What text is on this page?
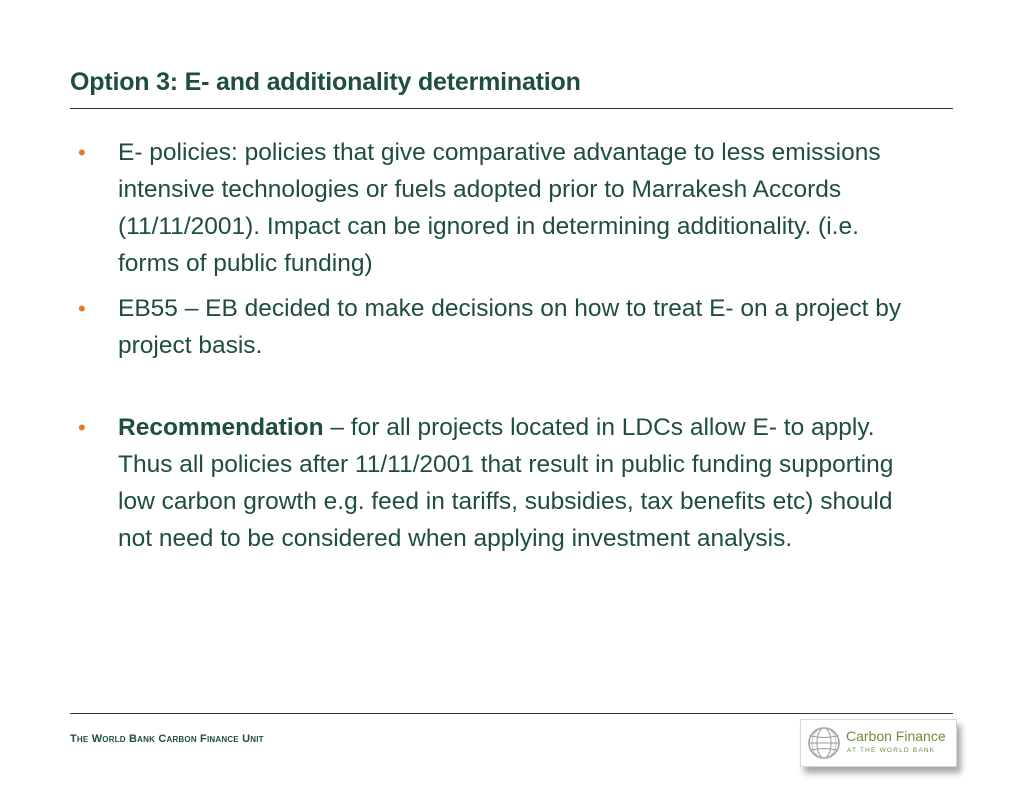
Option 3: E- and additionality determination
• E- policies: policies that give comparative advantage to less emissions intensive technologies or fuels adopted prior to Marrakesh Accords (11/11/2001). Impact can be ignored in determining additionality. (i.e. forms of public funding)
• EB55 – EB decided to make decisions on how to treat E- on a project by project basis.
• Recommendation – for all projects located in LDCs allow E- to apply. Thus all policies after 11/11/2001 that result in public funding supporting low carbon growth e.g. feed in tariffs, subsidies, tax benefits etc) should not need to be considered when applying investment analysis.
The World Bank Carbon Finance Unit	Carbon Finance
AT THE WORLD BANK
